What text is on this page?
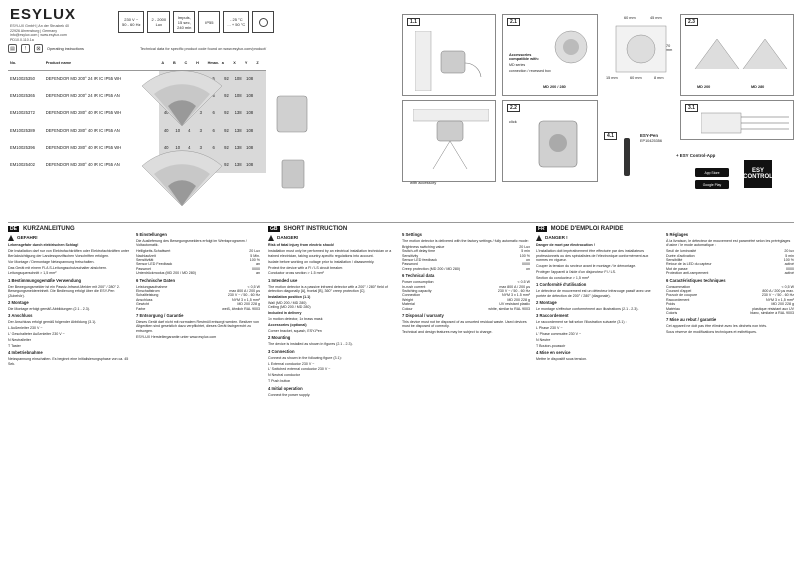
ESYLUX
ESYLUX GmbH | An der Strusbek 40
22926 Ahrensburg | Germany
info@esylux.com | www.esylux.com
PD10.0.110.1a
230 V ~
50 - 60 Hz
2 - 2000
Lux
Impuls,
15 sec,
240 min
IP55	- 25 °C
... + 50 °C
▤	!	⊠	Operating instructions	Technical data for specific product code found on www.esylux.com/product/
No.	Product name	A	B	C	H	Hmax.	a	X	Y	Z
EM10025350	DEFENDOR MD 200° 24 IR IC IP55 WH					5	92	108	108	
EM10025365	DEFENDOR MD 200° 24 IR IC IP55 AN					5	92	108	108	
EM10025372	DEFENDOR MD 280° 40 IR IC IP55 WH	40			3	6	92	138	108	
EM10025389	DEFENDOR MD 280° 40 IR IC IP55 AN	40	10	4	3	6	92	138	108	
EM10025396	DEFENDOR MD 280° 40 IR IC IP55 WH	40	10	4	3	6	92	138	108	
EM10025402	DEFENDOR MD 280° 40 IR IC IP55 AN						92	138	108	
1.1
with accessory
2.1
Accessories compatible with:
MD series
connection / recessed box
MD 200 / 280
2.2
click
60 mm	45 mm
70 mm
15 mm	60 mm	8 mm
2.3
MD 200	MD 280
3.1
4.1	ESY-Pen
EP10425356
+ ESY Control-App
App Store
Google Play
ESY
CONTROL
DE	KURZANLEITUNG
GEFAHR!

Lebensgefahr durch elektrischen Schlag!

Die Installation darf nur von Elektrofachkräften oder Elektrofachkräften unter Berücksichtigung der Landesspezifischen Vorschriften erfolgen.

Vor Montage / Demontage Netzspannung freischalten.

Das Gerät mit einem FI-/LS-Leitungsschutzschalter absichern.

Leitungsquerschnitt > 1,5 mm²

1 Bestimmungsgemäße Verwendung

Der Bewegungsmelder ist ein Passiv-Infrarot-Melder mit 200° / 280° 2. Bewegungsmeldereinheit. Die Bedienung erfolgt über die ESY-Pen (Zubehör).

2 Montage

Die Montage erfolgt gemäß Abbildungen (2.1 - 2.3).

3 Anschluss

Der Anschluss erfolgt gemäß folgender Abbildung (3.1).

L Außenleiter 230 V ~

L' Geschalteter Außenleiter 230 V ~

N Neutralleiter

T Taster

4 Inbetriebnahme

Netzspannung einschalten. Es beginnt eine Initialisierungsphase von ca. 45 Sek.

5 Einstellungen

Die Auslieferung des Bewegungsmelders erfolgt im Werksprogramm / Voltautomatik.

Helligkeits-Schaltwert	20 Lux
Nachlaufzeit	5 Min.
Sensitivität	100 %
Sensor LED Feedback	an
Passwort	0000
Unterdrückmodus (MD 200 / MD 280)	an
6 Technische Daten
Leistungsaufnahme	< 0,5 W
Einschaltstrom	max 800 A / 200 µs
Schaltleistung	230 V ~ / 50 - 60 Hz
Anschluss	NYM 3 x 1,5 mm²
Gewicht	MD 200 228 g
Farbe	weiß, ähnlich RAL 9003
7 Entsorgung / Garantie

Dieses Gerät darf nicht mit normalem Restmüll entsorgt werden. Besitzer von Altgeräten sind gesetzlich dazu verpflichtet, dieses Gerät fachgerecht zu entsorgen.

ESYLUX Herstellergarantie unter www.esylux.com

GB	SHORT INSTRUCTION
DANGER!

Risk of fatal injury from electric shock!

Installation must only be performed by an electrical installation technician or a trained electrician, taking country-specific regulations into account.

Isolate before working on voltage prior to installation / disassembly.

Protect the device with a FI / LS circuit breaker.

Conductor cross section > 1.5 mm²

1 Intended use

The motion detector is a passive infrared detector with a 200° / 280° field of detection diagonally [A], frontal [B], 360° creep protection [C].

Installation position (1.1)

Wall (MD 200 / MD 280)
Ceiling (MD 200 / MD 280)

Included in delivery

1x motion detector, 1x brass mask

Accessories (optional)

Corner bracket, squash, ESY-Pen

2 Mounting

The device is installed as shown in figures (2.1 - 2.3).

3 Connection

Connect as shown in the following figure (3.1):

L External conductor 230 V ~

L' Switched external conductor 230 V ~

N Neutral conductor

T Push button

4 Initial operation

Connect the power supply.

5 Settings

The motion detector is delivered with the factory settings / fully automatic mode:

Brightness switching value	20 Lux
Switch-off delay time	5 min
Sensitivity	100 %
Sensor LED feedback	on
Password	0000
Creep protection (MD 200 / MD 280)	on
6 Technical data
Power consumption	< 0.5 W
In-rush current	max 800 A / 200 µs
Switching capacity	230 V ~ / 50 - 60 Hz
Connection	NYM 3 x 1.5 mm²
Weight	MD 200 228 g
Material	UV resistant plastic
Colour	white, similar to RAL 9003
7 Disposal / warranty

This device must not be disposed of as unsorted residual waste. Used devices must be disposed of correctly.

Technical and design features may be subject to change.

FR	MODE D'EMPLOI RAPIDE
DANGER !

Danger de mort par électrocution !

L'installation doit impérativement être effectuée par des installateurs professionnels ou des spécialistes de l'électronique conformément aux normes en vigueur.

Couper la tension du secteur avant le montage / le démontage.

Protéger l'appareil à l'aide d'un disjoncteur FI / LS.

Section du conducteur > 1,5 mm²

1 Conformité d'utilisation

Le détecteur de mouvement est un détecteur infrarouge passif avec une portée de détection de 200° / 280° (diagonale).

2 Montage

Le montage s'effectue conformément aux illustrations (2.1 - 2.3).

3 Raccordement

Le raccordement se fait selon l'illustration suivante (3.1) :

L Phase 230 V ~

L' Phase commutée 230 V ~

N Neutre

T Bouton-poussoir

4 Mise en service

Mettre le dispositif sous tension.

5 Réglages

À la livraison, le détecteur de mouvement est paramétré selon les préréglages d'usine / le mode automatique :

Seuil de luminosité	20 lux
Durée d'activation	5 min
Sensibilité	100 %
Retour de la LED du capteur	activé
Mot de passe	0000
Protection anti-rampement	activé
6 Caractéristiques techniques
Consommation	< 0,5 W
Courant d'appel	800 A / 200 µs max.
Pouvoir de coupure	230 V ~ / 50 - 60 Hz
Raccordement	NYM 3 x 1,5 mm²
Poids	MD 200 228 g
Matériau	plastique résistant aux UV
Coloris	blanc, similaire à RAL 9003
7 Mise au rebut / garantie

Cet appareil ne doit pas être éliminé avec les déchets non triés.

Sous réserve de modifications techniques et esthétiques.
